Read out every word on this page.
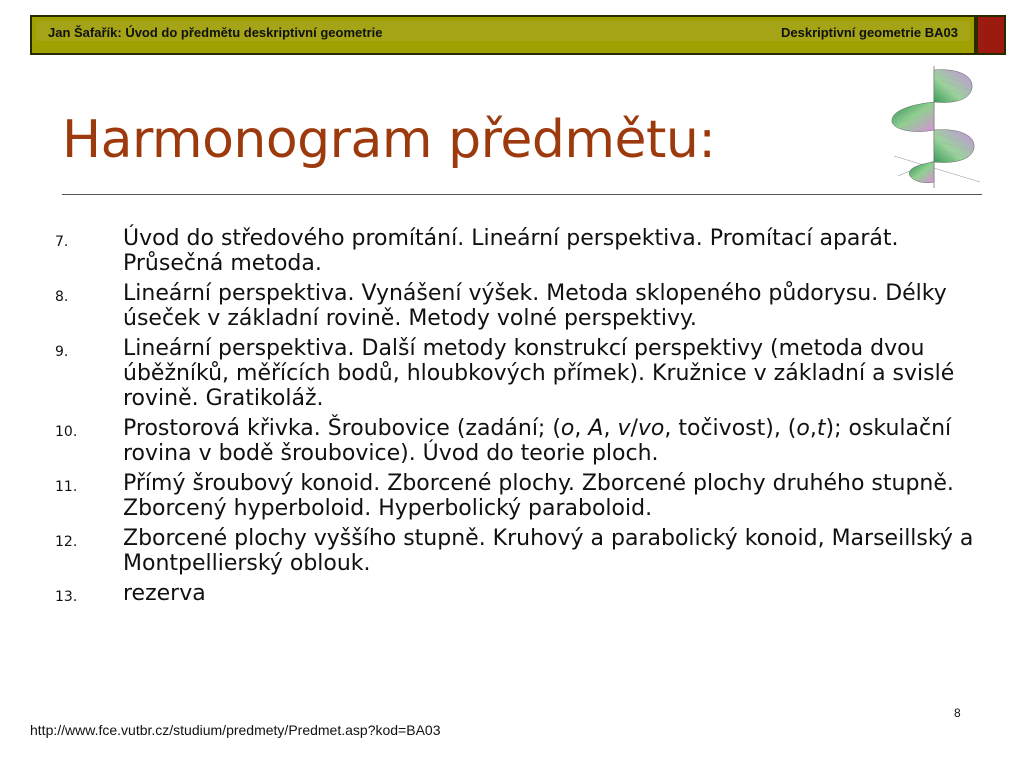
Jan Šafařík: Úvod do předmětu deskriptivní geometrie	Deskriptivní geometrie BA03
Harmonogram předmětu:
7. Úvod do středového promítání. Lineární perspektiva. Promítací aparát. Průsečná metoda.
8. Lineární perspektiva. Vynášení výšek. Metoda sklopeného půdorysu. Délky úseček v základní rovině. Metody volné perspektivy.
9. Lineární perspektiva. Další metody konstrukcí perspektivy (metoda dvou úběžníků, měřících bodů, hloubkových přímek). Kružnice v základní a svislé rovině. Gratikoláž.
10. Prostorová křivka. Šroubovice (zadání; (o, A, v/vo, točivost), (o,t); oskulační rovina v bodě šroubovice). Úvod do teorie ploch.
11. Přímý šroubový konoid. Zborcené plochy. Zborcené plochy druhého stupně. Zborcený hyperboloid. Hyperbolický paraboloid.
12. Zborcené plochy vyššího stupně. Kruhový a parabolický konoid, Marseillský a Montpellierský oblouk.
13. rezerva
8
http://www.fce.vutbr.cz/studium/predmety/Predmet.asp?kod=BA03
